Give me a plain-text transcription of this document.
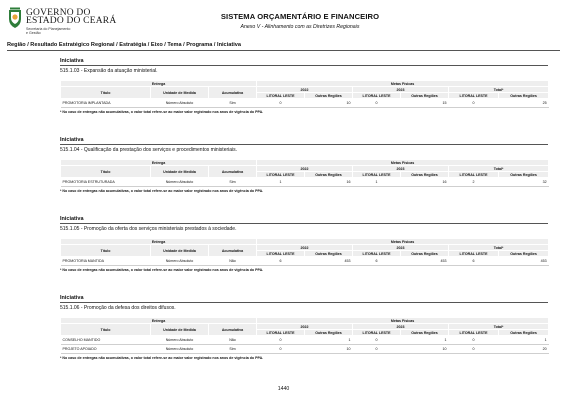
GOVERNO DO
ESTADO DO CEARÁ
Secretaria do Planejamento
e Gestão
SISTEMA ORÇAMENTÁRIO E FINANCEIRO
Anexo V - Alinhamento com as Diretrizes Regionais
Região / Resultado Estratégico Regional / Estratégia / Eixo / Tema / Programa / Iniciativa
Iniciativa
515.1.03 - Expansão da atuação ministerial.
Entrega			Metas Físicas					
Título	Unidade de Medida	Acumulativa	2022		2023		Total*	
			LITORAL LESTE	Outras Regiões	LITORAL LESTE	Outras Regiões	LITORAL LESTE	Outras Regiões
PROMOTORIA IMPLANTADA	Número Absoluto	Sim	0	10	0	15	0	25
* No caso de entregas não acumulativas, o valor total refere-se ao maior valor registrado nos anos de vigência do PPA.
Iniciativa
515.1.04 - Qualificação da prestação dos serviços e procedimentos ministeriais.
Entrega			Metas Físicas					
Título	Unidade de Medida	Acumulativa	2022		2023		Total*	
			LITORAL LESTE	Outras Regiões	LITORAL LESTE	Outras Regiões	LITORAL LESTE	Outras Regiões
PROMOTORIA ESTRUTURADA	Número Absoluto	Sim	1	16	1	16	2	32
* No caso de entregas não acumulativas, o valor total refere-se ao maior valor registrado nos anos de vigência do PPA.
Iniciativa
515.1.05 - Promoção da oferta dos serviços ministeriais prestados à sociedade.
Entrega			Metas Físicas					
Título	Unidade de Medida	Acumulativa	2022		2023		Total*	
			LITORAL LESTE	Outras Regiões	LITORAL LESTE	Outras Regiões	LITORAL LESTE	Outras Regiões
PROMOTORIA MANTIDA	Número Absoluto	Não	6	453	6	453	6	453
* No caso de entregas não acumulativas, o valor total refere-se ao maior valor registrado nos anos de vigência do PPA.
Iniciativa
515.1.06 - Promoção da defesa dos direitos difusos.
Entrega			Metas Físicas					
Título	Unidade de Medida	Acumulativa	2022		2023		Total*	
			LITORAL LESTE	Outras Regiões	LITORAL LESTE	Outras Regiões	LITORAL LESTE	Outras Regiões
CONSELHO MANTIDO	Número Absoluto	Não	0	1	0	1	0	1
PROJETO APOIADO	Número Absoluto	Sim	0	10	0	10	0	20
* No caso de entregas não acumulativas, o valor total refere-se ao maior valor registrado nos anos de vigência do PPA.
1440
